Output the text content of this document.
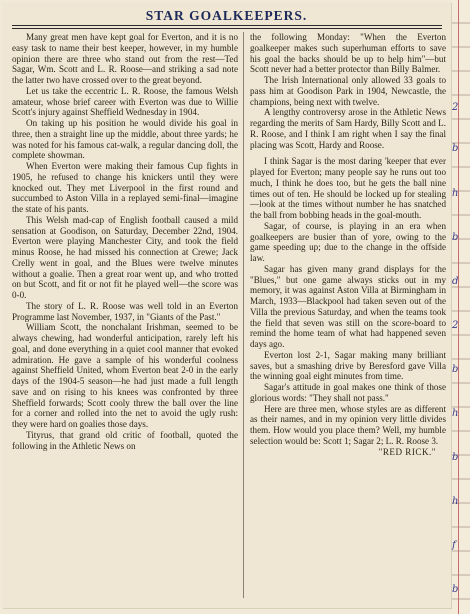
STAR GOALKEEPERS.

Many great men have kept goal for Everton, and it is no easy task to name their best keeper, however, in my humble opinion there are three who stand out from the rest—Ted Sagar, Wm. Scott and L. R. Roose—and striking a sad note the latter two have crossed over to the great beyond.

Let us take the eccentric L. R. Roose, the famous Welsh amateur, whose brief career with Everton was due to Willie Scott's injury against Sheffield Wednesday in 1904.

On taking up his position he would divide his goal in three, then a straight line up the middle, about three yards; he was noted for his famous cat-walk, a regular dancing doll, the complete showman.

When Everton were making their famous Cup fights in 1905, he refused to change his knickers until they were knocked out. They met Liverpool in the first round and succumbed to Aston Villa in a replayed semi-final—imagine the state of his pants.

This Welsh mad-cap of English football caused a mild sensation at Goodison, on Saturday, December 22nd, 1904. Everton were playing Manchester City, and took the field minus Roose, he had missed his connection at Crewe; Jack Crelly went in goal, and the Blues were twelve minutes without a goalie. Then a great roar went up, and who trotted on but Scott, and fit or not fit he played well—the score was 0-0.

The story of L. R. Roose was well told in an Everton Programme last November, 1937, in "Giants of the Past."

William Scott, the nonchalant Irishman, seemed to be always chewing, had wonderful anticipation, rarely left his goal, and done everything in a quiet cool manner that evoked admiration. He gave a sample of his wonderful coolness against Sheffield United, whom Everton beat 2-0 in the early days of the 1904-5 season—he had just made a full length save and on rising to his knees was confronted by three Sheffield forwards; Scott cooly threw the ball over the line for a corner and rolled into the net to avoid the ugly rush: they were hard on goalies those days.

Tityrus, that grand old critic of football, quoted the following in the Athletic News on

the following Monday: "When the Everton goalkeeper makes such superhuman efforts to save his goal the backs should be up to help him"—but Scott never had a better protector than Billy Balmer.

The Irish International only allowed 33 goals to pass him at Goodison Park in 1904, Newcastle, the champions, being next with twelve.

A lengthy controversy arose in the Athletic News regarding the merits of Sam Hardy, Billy Scott and L. R. Roose, and I think I am right when I say the final placing was Scott, Hardy and Roose.

I think Sagar is the most daring 'keeper that ever played for Everton; many people say he runs out too much, I think he does too, but he gets the ball nine times out of ten. He should be locked up for stealing—look at the times without number he has snatched the ball from bobbing heads in the goal-mouth.

Sagar, of course, is playing in an era when goalkeepers are busier than of yore, owing to the game speeding up; due to the change in the offside law.

Sagar has given many grand displays for the "Blues," but one game always sticks out in my memory, it was against Aston Villa at Birmingham in March, 1933—Blackpool had taken seven out of the Villa the previous Saturday, and when the teams took the field that seven was still on the score-board to remind the home team of what had happened seven days ago.

Everton lost 2-1, Sagar making many brilliant saves, but a smashing drive by Beresford gave Villa the winning goal eight minutes from time.

Sagar's attitude in goal makes one think of those glorious words: "They shall not pass."

Here are three men, whose styles are as different as their names, and in my opinion very little divides them. How would you place them? Well, my humble selection would be: Scott 1; Sagar 2; L. R. Roose 3.

"RED RICK."

2
b
h
b
d
2
b
h
b
h
f
b
